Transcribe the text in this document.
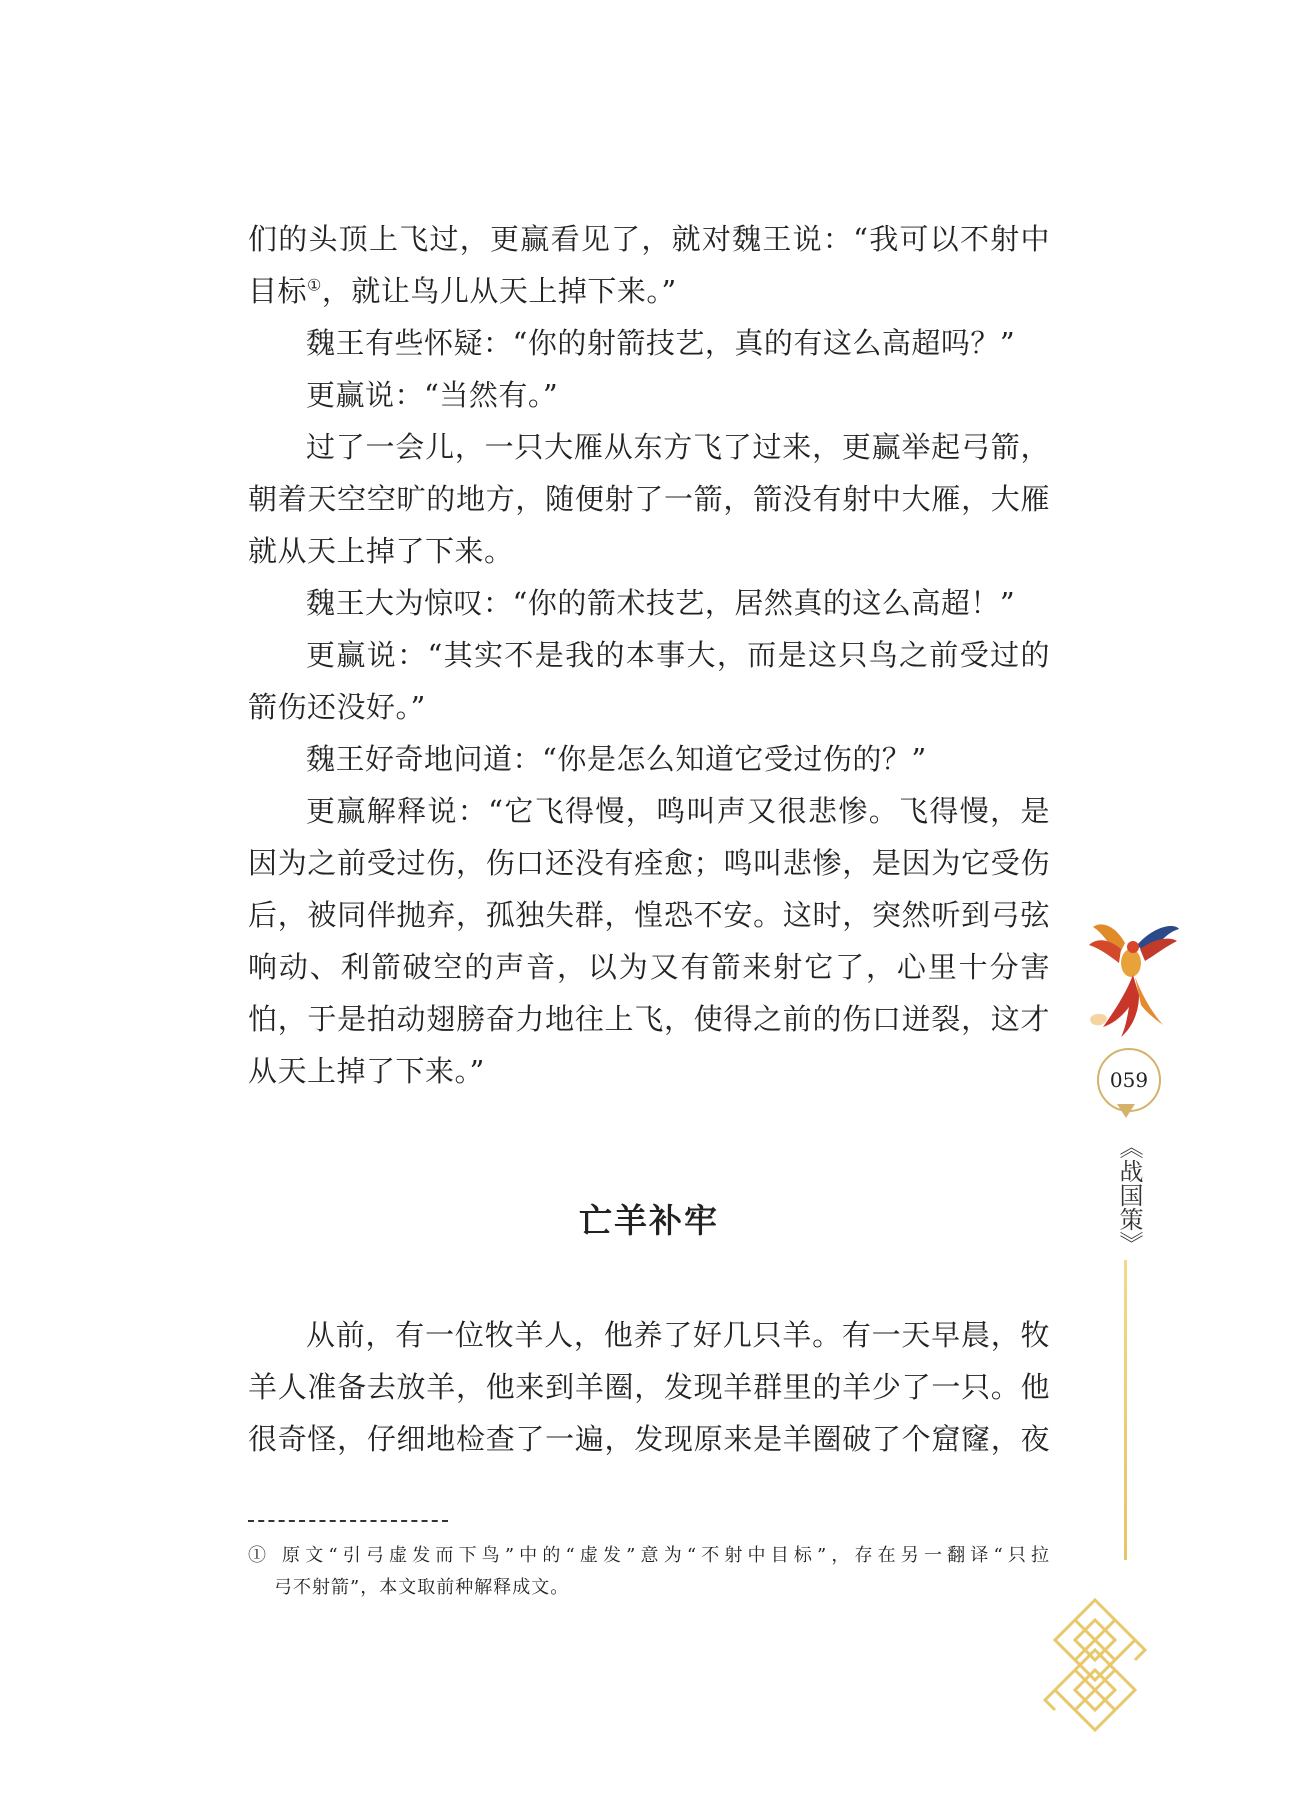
们的头顶上飞过，更赢看见了，就对魏王说：“我可以不射中
目标①，就让鸟儿从天上掉下来。”
魏王有些怀疑：“你的射箭技艺，真的有这么高超吗？”
更赢说：“当然有。”
过了一会儿，一只大雁从东方飞了过来，更赢举起弓箭，
朝着天空空旷的地方，随便射了一箭，箭没有射中大雁，大雁
就从天上掉了下来。
魏王大为惊叹：“你的箭术技艺，居然真的这么高超！”
更赢说：“其实不是我的本事大，而是这只鸟之前受过的
箭伤还没好。”
魏王好奇地问道：“你是怎么知道它受过伤的？”
更赢解释说：“它飞得慢，鸣叫声又很悲惨。飞得慢，是
因为之前受过伤，伤口还没有痊愈；鸣叫悲惨，是因为它受伤
后，被同伴抛弃，孤独失群，惶恐不安。这时，突然听到弓弦
响动、利箭破空的声音，以为又有箭来射它了，心里十分害
怕，于是拍动翅膀奋力地往上飞，使得之前的伤口迸裂，这才
从天上掉了下来。”
亡羊补牢
从前，有一位牧羊人，他养了好几只羊。有一天早晨，牧
羊人准备去放羊，他来到羊圈，发现羊群里的羊少了一只。他
很奇怪，仔细地检查了一遍，发现原来是羊圈破了个窟窿，夜
① 原文“引弓虚发而下鸟”中的“虚发”意为“不射中目标”，存在另一翻译“只拉
弓不射箭”，本文取前种解释成文。
059
《战国策》
